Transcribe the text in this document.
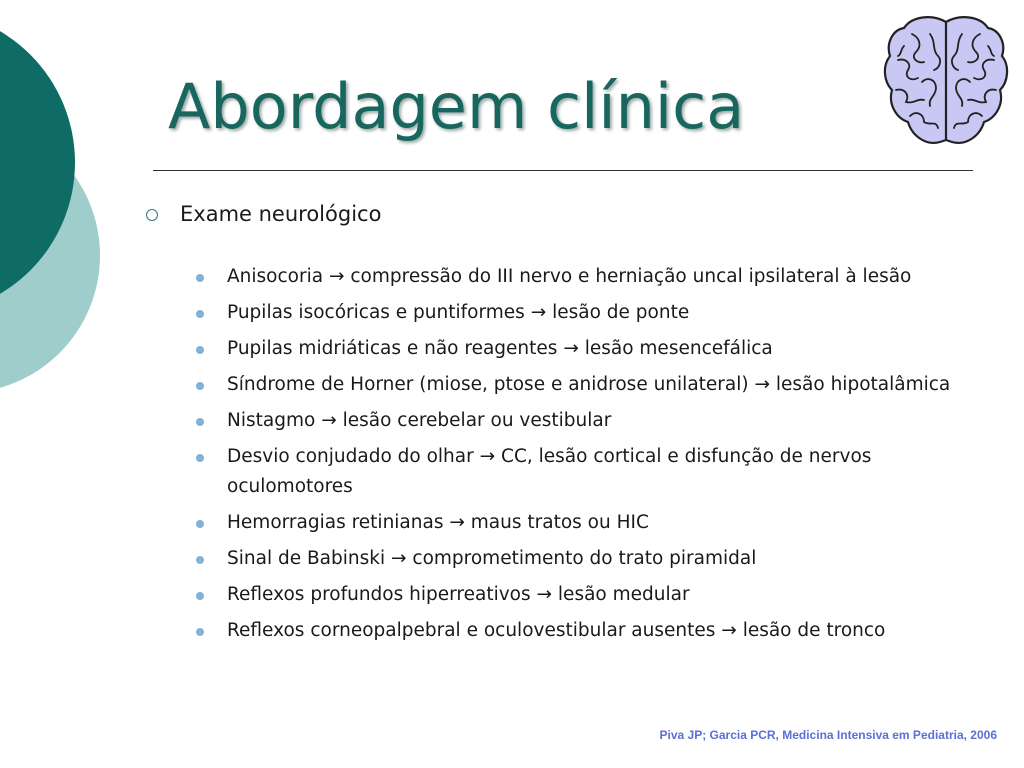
Abordagem clínica
Exame neurológico
Anisocoria → compressão do III nervo e herniação uncal ipsilateral à lesão
Pupilas isocóricas e puntiformes → lesão de ponte
Pupilas midriáticas e não reagentes → lesão mesencefálica
Síndrome de Horner (miose, ptose e anidrose unilateral) → lesão hipotalâmica
Nistagmo → lesão cerebelar ou vestibular
Desvio conjudado do olhar → CC, lesão cortical e disfunção de nervos oculomotores
Hemorragias retinianas → maus tratos ou HIC
Sinal de Babinski → comprometimento do trato piramidal
Reflexos profundos hiperreativos → lesão medular
Reflexos corneopalpebral e oculovestibular ausentes → lesão de tronco
Piva JP; Garcia PCR, Medicina Intensiva em Pediatria, 2006
